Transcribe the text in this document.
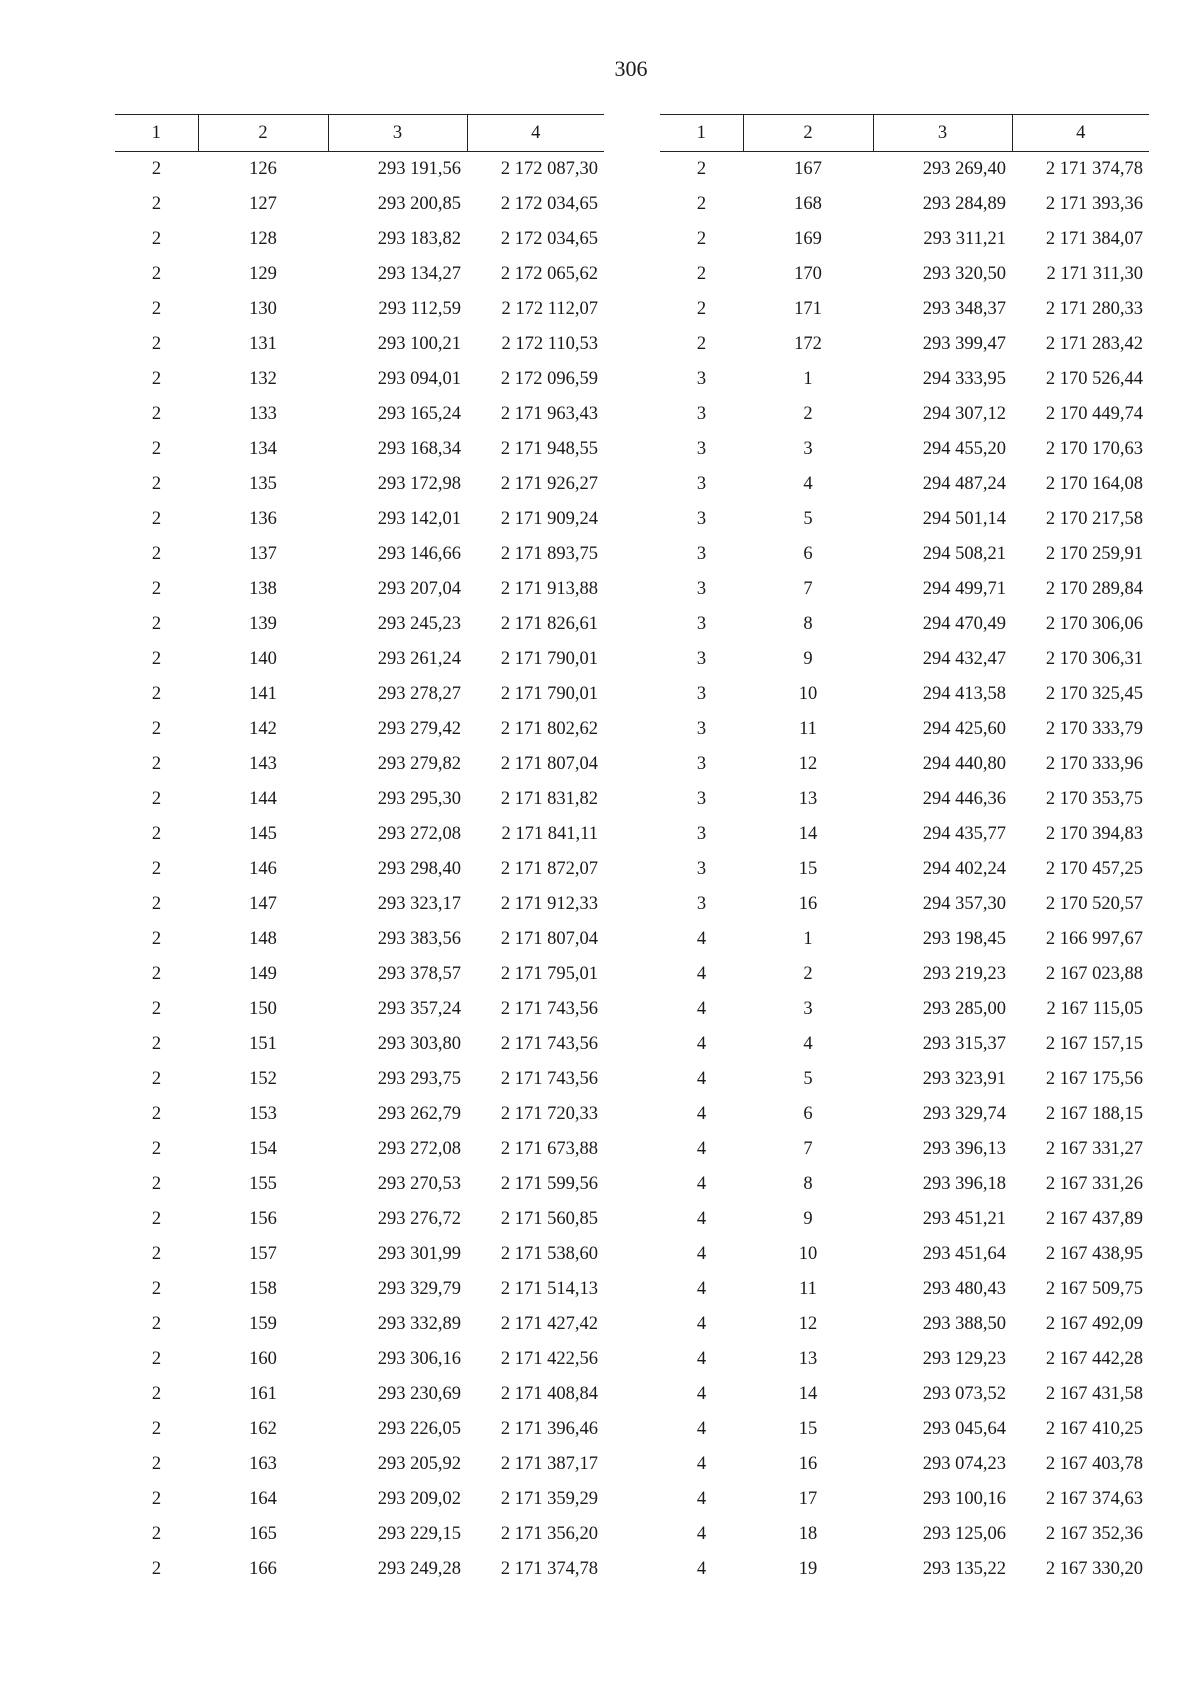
306
1	2	3	4
2	126	293 191,56	2 172 087,30
2	127	293 200,85	2 172 034,65
2	128	293 183,82	2 172 034,65
2	129	293 134,27	2 172 065,62
2	130	293 112,59	2 172 112,07
2	131	293 100,21	2 172 110,53
2	132	293 094,01	2 172 096,59
2	133	293 165,24	2 171 963,43
2	134	293 168,34	2 171 948,55
2	135	293 172,98	2 171 926,27
2	136	293 142,01	2 171 909,24
2	137	293 146,66	2 171 893,75
2	138	293 207,04	2 171 913,88
2	139	293 245,23	2 171 826,61
2	140	293 261,24	2 171 790,01
2	141	293 278,27	2 171 790,01
2	142	293 279,42	2 171 802,62
2	143	293 279,82	2 171 807,04
2	144	293 295,30	2 171 831,82
2	145	293 272,08	2 171 841,11
2	146	293 298,40	2 171 872,07
2	147	293 323,17	2 171 912,33
2	148	293 383,56	2 171 807,04
2	149	293 378,57	2 171 795,01
2	150	293 357,24	2 171 743,56
2	151	293 303,80	2 171 743,56
2	152	293 293,75	2 171 743,56
2	153	293 262,79	2 171 720,33
2	154	293 272,08	2 171 673,88
2	155	293 270,53	2 171 599,56
2	156	293 276,72	2 171 560,85
2	157	293 301,99	2 171 538,60
2	158	293 329,79	2 171 514,13
2	159	293 332,89	2 171 427,42
2	160	293 306,16	2 171 422,56
2	161	293 230,69	2 171 408,84
2	162	293 226,05	2 171 396,46
2	163	293 205,92	2 171 387,17
2	164	293 209,02	2 171 359,29
2	165	293 229,15	2 171 356,20
2	166	293 249,28	2 171 374,78
1	2	3	4
2	167	293 269,40	2 171 374,78
2	168	293 284,89	2 171 393,36
2	169	293 311,21	2 171 384,07
2	170	293 320,50	2 171 311,30
2	171	293 348,37	2 171 280,33
2	172	293 399,47	2 171 283,42
3	1	294 333,95	2 170 526,44
3	2	294 307,12	2 170 449,74
3	3	294 455,20	2 170 170,63
3	4	294 487,24	2 170 164,08
3	5	294 501,14	2 170 217,58
3	6	294 508,21	2 170 259,91
3	7	294 499,71	2 170 289,84
3	8	294 470,49	2 170 306,06
3	9	294 432,47	2 170 306,31
3	10	294 413,58	2 170 325,45
3	11	294 425,60	2 170 333,79
3	12	294 440,80	2 170 333,96
3	13	294 446,36	2 170 353,75
3	14	294 435,77	2 170 394,83
3	15	294 402,24	2 170 457,25
3	16	294 357,30	2 170 520,57
4	1	293 198,45	2 166 997,67
4	2	293 219,23	2 167 023,88
4	3	293 285,00	2 167 115,05
4	4	293 315,37	2 167 157,15
4	5	293 323,91	2 167 175,56
4	6	293 329,74	2 167 188,15
4	7	293 396,13	2 167 331,27
4	8	293 396,18	2 167 331,26
4	9	293 451,21	2 167 437,89
4	10	293 451,64	2 167 438,95
4	11	293 480,43	2 167 509,75
4	12	293 388,50	2 167 492,09
4	13	293 129,23	2 167 442,28
4	14	293 073,52	2 167 431,58
4	15	293 045,64	2 167 410,25
4	16	293 074,23	2 167 403,78
4	17	293 100,16	2 167 374,63
4	18	293 125,06	2 167 352,36
4	19	293 135,22	2 167 330,20
